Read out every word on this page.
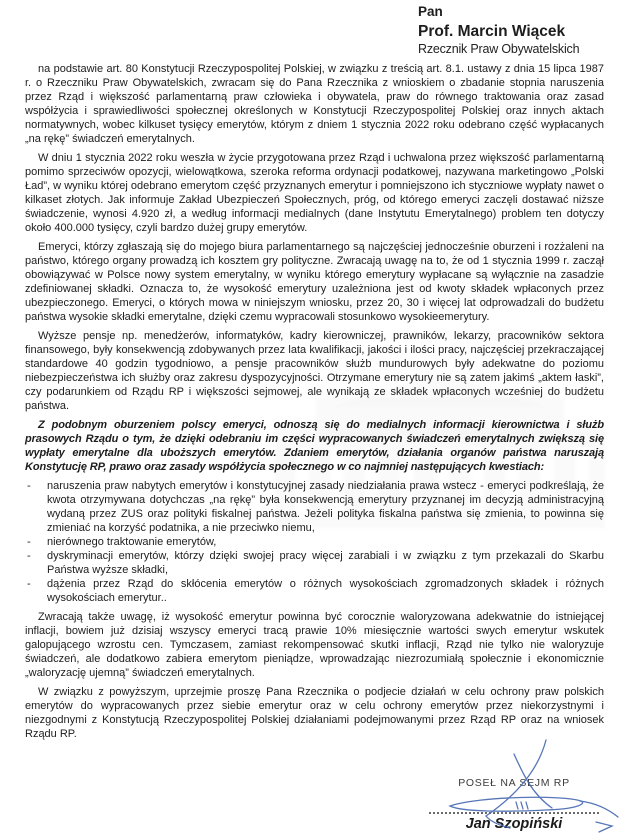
Pan
Prof. Marcin Wiącek
Rzecznik Praw Obywatelskich

na podstawie art. 80 Konstytucji Rzeczypospolitej Polskiej, w związku z treścią art. 8.1. ustawy z dnia 15 lipca 1987 r. o Rzeczniku Praw Obywatelskich, zwracam się do Pana Rzecznika z wnioskiem o zbadanie stopnia naruszenia przez Rząd i większość parlamentarną praw człowieka i obywatela, praw do równego traktowania oraz zasad współżycia i sprawiedliwości społecznej określonych w Konstytucji Rzeczypospolitej Polskiej oraz innych aktach normatywnych, wobec kilkuset tysięcy emerytów, którym z dniem 1 stycznia 2022 roku odebrano część wypłacanych „na rękę” świadczeń emerytalnych.

W dniu 1 stycznia 2022 roku weszła w życie przygotowana przez Rząd i uchwalona przez większość parlamentarną pomimo sprzeciwów opozycji, wielowątkowa, szeroka reforma ordynacji podatkowej, nazywana marketingowo „Polski Ład”, w wyniku której odebrano emerytom część przyznanych emerytur i pomniejszono ich styczniowe wypłaty nawet o kilkaset złotych. Jak informuje Zakład Ubezpieczeń Społecznych, próg, od którego emeryci zaczęli dostawać niższe świadczenie, wynosi 4.920 zł, a według informacji medialnych (dane Instytutu Emerytalnego) problem ten dotyczy około 400.000 tysięcy, czyli bardzo dużej grupy emerytów.

Emeryci, którzy zgłaszają się do mojego biura parlamentarnego są najczęściej jednocześnie oburzeni i rozżaleni na państwo, którego organy prowadzą ich kosztem gry polityczne. Zwracają uwagę na to, że od 1 stycznia 1999 r. zaczął obowiązywać w Polsce nowy system emerytalny, w wyniku którego emerytury wypłacane są wyłącznie na zasadzie zdefiniowanej składki. Oznacza to, że wysokość emerytury uzależniona jest od kwoty składek wpłaconych przez ubezpieczonego. Emeryci, o których mowa w niniejszym wniosku, przez 20, 30 i więcej lat odprowadzali do budżetu państwa wysokie składki emerytalne, dzięki czemu wypracowali stosunkowo wysokieemerytury.

Wyższe pensje np. menedżerów, informatyków, kadry kierowniczej, prawników, lekarzy, pracowników sektora finansowego, były konsekwencją zdobywanych przez lata kwalifikacji, jakości i ilości pracy, najczęściej przekraczającej standardowe 40 godzin tygodniowo, a pensje pracowników służb mundurowych były adekwatne do poziomu niebezpieczeństwa ich służby oraz zakresu dyspozycyjności. Otrzymane emerytury nie są zatem jakimś „aktem łaski”, czy podarunkiem od Rządu RP i większości sejmowej, ale wynikają ze składek wpłaconych wcześniej do budżetu państwa.

Z podobnym oburzeniem polscy emeryci, odnoszą się do medialnych informacji kierownictwa i służb prasowych Rządu o tym, że dzięki odebraniu im części wypracowanych świadczeń emerytalnych zwiększą się wypłaty emerytalne dla uboższych emerytów. Zdaniem emerytów, działania organów państwa naruszają Konstytucję RP, prawo oraz zasady współżycia społecznego w co najmniej następujących kwestiach:

-	naruszenia praw nabytych emerytów i konstytucyjnej zasady niedziałania prawa wstecz - emeryci podkreślają, że kwota otrzymywana dotychczas „na rękę” była konsekwencją emerytury przyznanej im decyzją administracyjną wydaną przez ZUS oraz polityki fiskalnej państwa. Jeżeli polityka fiskalna państwa się zmienia, to powinna się zmieniać na korzyść podatnika, a nie przeciwko niemu,
-	nierównego traktowanie emerytów,
-	dyskryminacji emerytów, którzy dzięki swojej pracy więcej zarabiali i w związku z tym przekazali do Skarbu Państwa wyższe składki,
-	dążenia przez Rząd do skłócenia emerytów o różnych wysokościach zgromadzonych składek i różnych wysokościach emerytur..

Zwracają także uwagę, iż wysokość emerytur powinna być corocznie waloryzowana adekwatnie do istniejącej inflacji, bowiem już dzisiaj wszyscy emeryci tracą prawie 10% miesięcznie wartości swych emerytur wskutek galopującego wzrostu cen. Tymczasem, zamiast rekompensować skutki inflacji, Rząd nie tylko nie waloryzuje świadczeń, ale dodatkowo zabiera emerytom pieniądze, wprowadzając niezrozumiałą społecznie i ekonomicznie „waloryzację ujemną” świadczeń emerytalnych.

W związku z powyższym, uprzejmie proszę Pana Rzecznika o podjecie działań w celu ochrony praw polskich emerytów do wypracowanych przez siebie emerytur oraz w celu ochrony emerytów przez niekorzystnymi i niezgodnymi z Konstytucją Rzeczypospolitej Polskiej działaniami podejmowanymi przez Rząd RP oraz na wniosek Rządu RP.

POSEŁ NA SEJM RP
Jan Szopiński
